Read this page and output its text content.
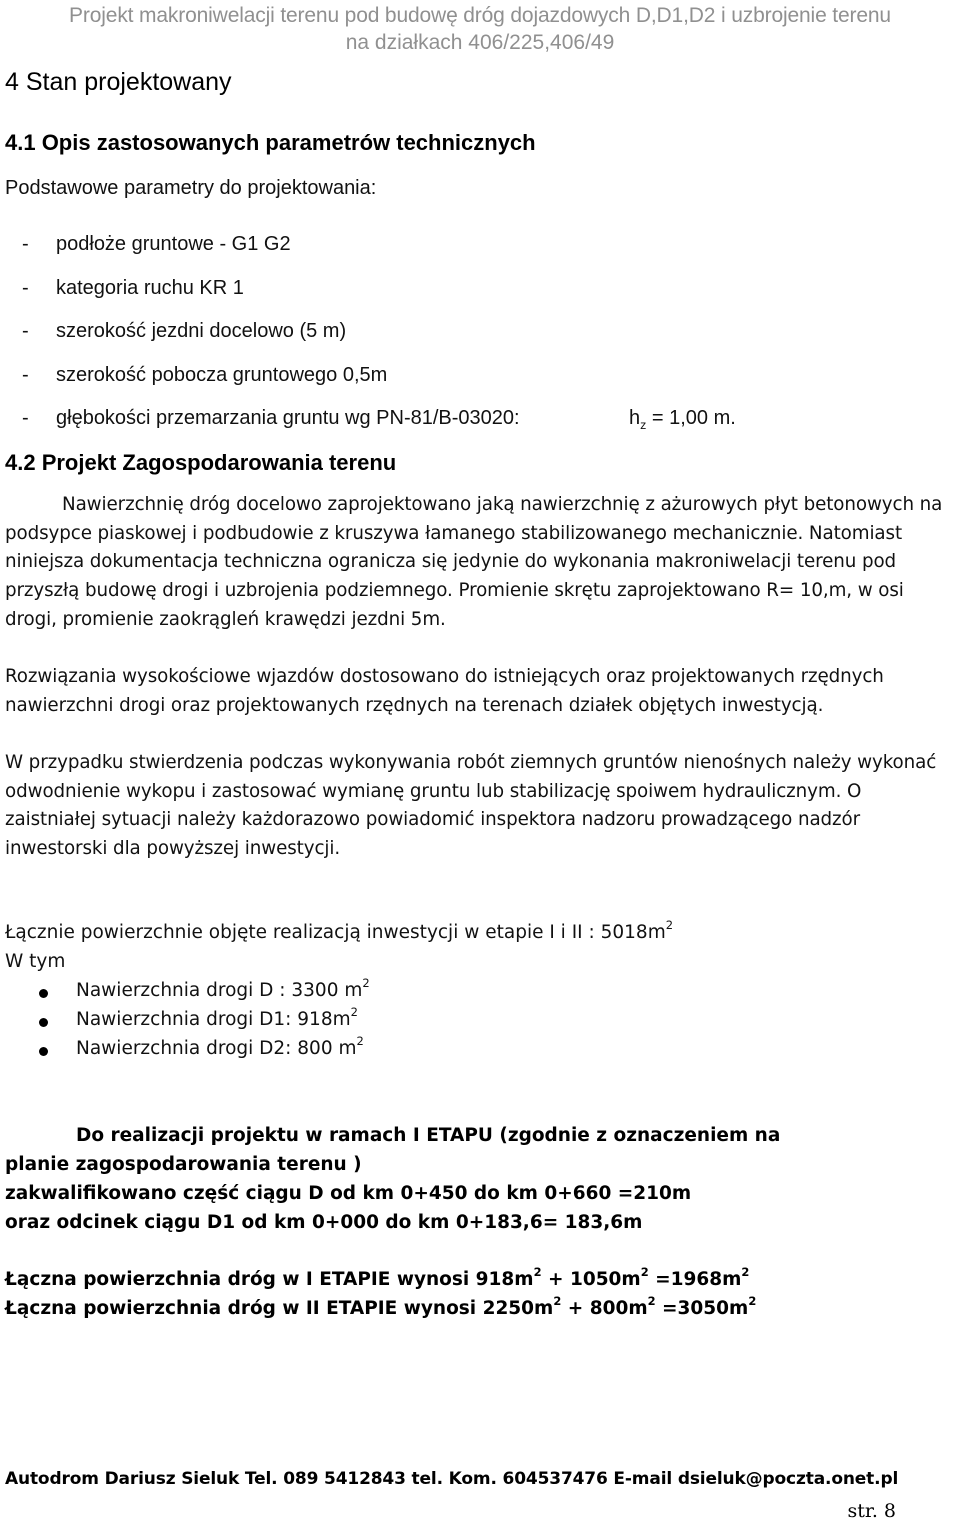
Projekt makroniwelacji terenu pod budowę dróg dojazdowych D,D1,D2 i uzbrojenie terenu
na działkach 406/225,406/49
4 Stan projektowany
4.1 Opis zastosowanych parametrów technicznych
Podstawowe parametry do projektowania:
- podłoże gruntowe - G1 G2
- kategoria ruchu KR 1
- szerokość jezdni docelowo (5 m)
- szerokość pobocza gruntowego 0,5m
- głębokości przemarzania gruntu wg PN-81/B-03020:	$h_z = 1,00$ m.
4.2 Projekt Zagospodarowania terenu
Nawierzchnię dróg docelowo zaprojektowano jaką nawierzchnię z ażurowych płyt betonowych na podsypce piaskowej i podbudowie z kruszywa łamanego stabilizowanego mechanicznie. Natomiast niniejsza dokumentacja techniczna ogranicza się jedynie do wykonania makroniwelacji terenu pod przyszłą budowę drogi i uzbrojenia podziemnego. Promienie skrętu zaprojektowano R= 10,m, w osi drogi, promienie zaokrągleń krawędzi jezdni 5m.
Rozwiązania wysokościowe wjazdów dostosowano do istniejących oraz projektowanych rzędnych nawierzchni drogi oraz projektowanych rzędnych na terenach działek objętych inwestycją.
W przypadku stwierdzenia podczas wykonywania robót ziemnych gruntów nienośnych należy wykonać odwodnienie wykopu i zastosować wymianę gruntu lub stabilizację spoiwem hydraulicznym. O zaistniałej sytuacji należy każdorazowo powiadomić inspektora nadzoru prowadzącego nadzór inwestorski dla powyższej inwestycji.
Łącznie powierzchnie objęte realizacją inwestycji w etapie I i II : $5018m^2$
W tym
Nawierzchnia drogi D : 3300 $m^2$
Nawierzchnia drogi D1: $918m^2$
Nawierzchnia drogi D2: 800 $m^2$
Do realizacji projektu w ramach I ETAPU (zgodnie z oznaczeniem na
planie zagospodarowania terenu )
zakwalifikowano część ciągu D od km 0+450 do km 0+660 =210m
oraz odcinek ciągu D1 od km 0+000 do km 0+183,6= 183,6m
Łączna powierzchnia dróg w I ETAPIE wynosi $918m^2 + 1050m^2 =1968m^2$
Łączna powierzchnia dróg w II ETAPIE wynosi $2250m^2 + 800m^2 =3050m^2$
Autodrom Dariusz Sieluk Tel. 089 5412843 tel. Kom. 604537476 E-mail dsieluk@poczta.onet.pl
str. 8
